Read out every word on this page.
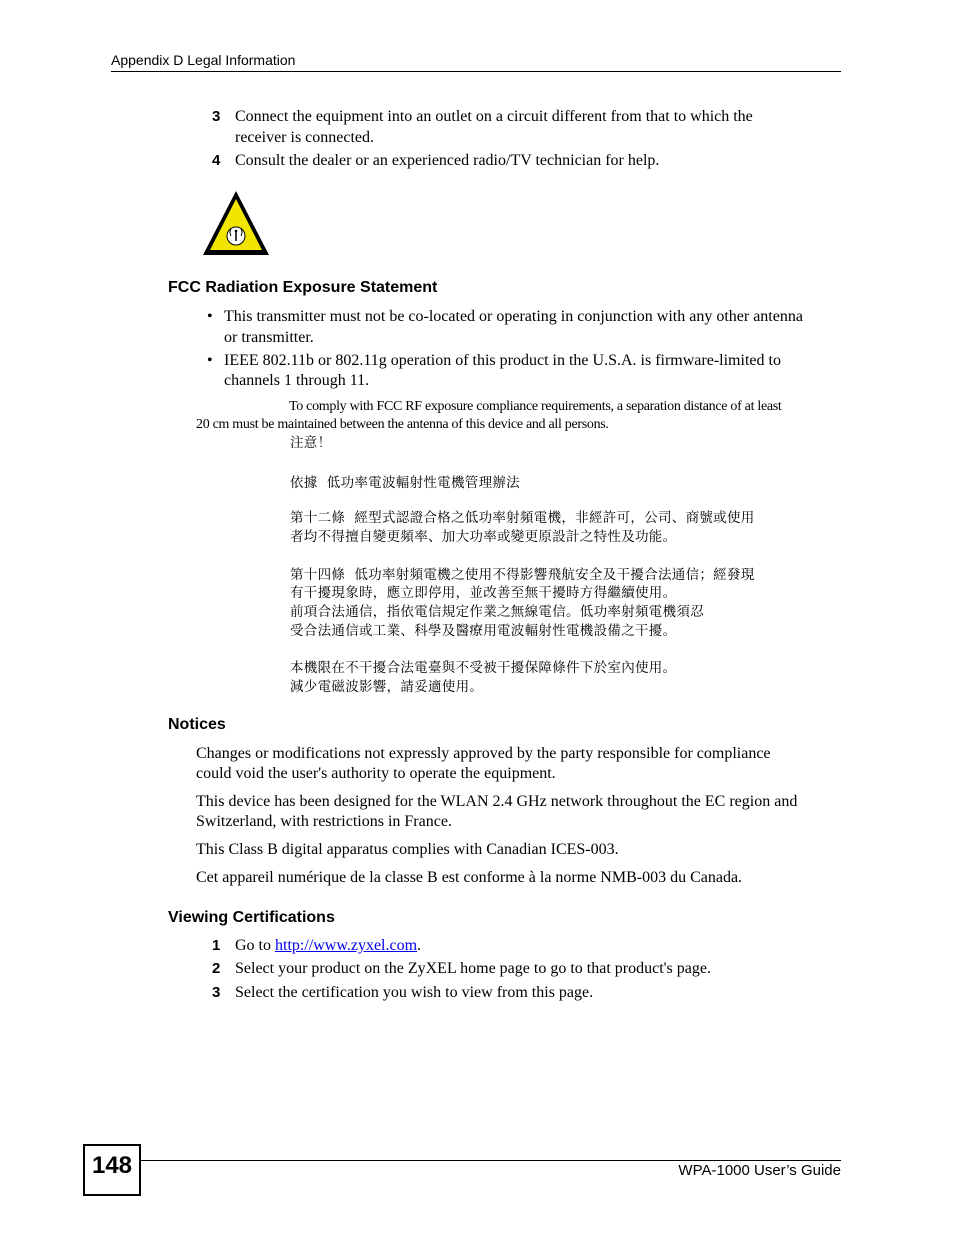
Appendix D Legal Information
3 Connect the equipment into an outlet on a circuit different from that to which the
receiver is connected.
4 Consult the dealer or an experienced radio/TV technician for help.
FCC Radiation Exposure Statement
• This transmitter must not be co-located or operating in conjunction with any other antenna
or transmitter.
• IEEE 802.11b or 802.11g operation of this product in the U.S.A. is firmware-limited to
channels 1 through 11.
To comply with FCC RF exposure compliance requirements, a separation distance of at least
20 cm must be maintained between the antenna of this device and all persons.
注意！
依據  低功率電波輻射性電機管理辦法
第十二條  經型式認證合格之低功率射頻電機，非經許可，公司、商號或使用
者均不得擅自變更頻率、加大功率或變更原設計之特性及功能。
第十四條  低功率射頻電機之使用不得影響飛航安全及干擾合法通信；經發現
有干擾現象時，應立即停用，並改善至無干擾時方得繼續使用。
前項合法通信，指依電信規定作業之無線電信。低功率射頻電機須忍
受合法通信或工業、科學及醫療用電波輻射性電機設備之干擾。
本機限在不干擾合法電臺與不受被干擾保障條件下於室內使用。
減少電磁波影響，請妥適使用。
Notices
Changes or modifications not expressly approved by the party responsible for compliance
could void the user's authority to operate the equipment.
This device has been designed for the WLAN 2.4 GHz network throughout the EC region and
Switzerland, with restrictions in France.
This Class B digital apparatus complies with Canadian ICES-003.
Cet appareil numérique de la classe B est conforme à la norme NMB-003 du Canada.
Viewing Certifications
1 Go to http://www.zyxel.com.
2 Select your product on the ZyXEL home page to go to that product's page.
3 Select the certification you wish to view from this page.
148	WPA-1000 User’s Guide
